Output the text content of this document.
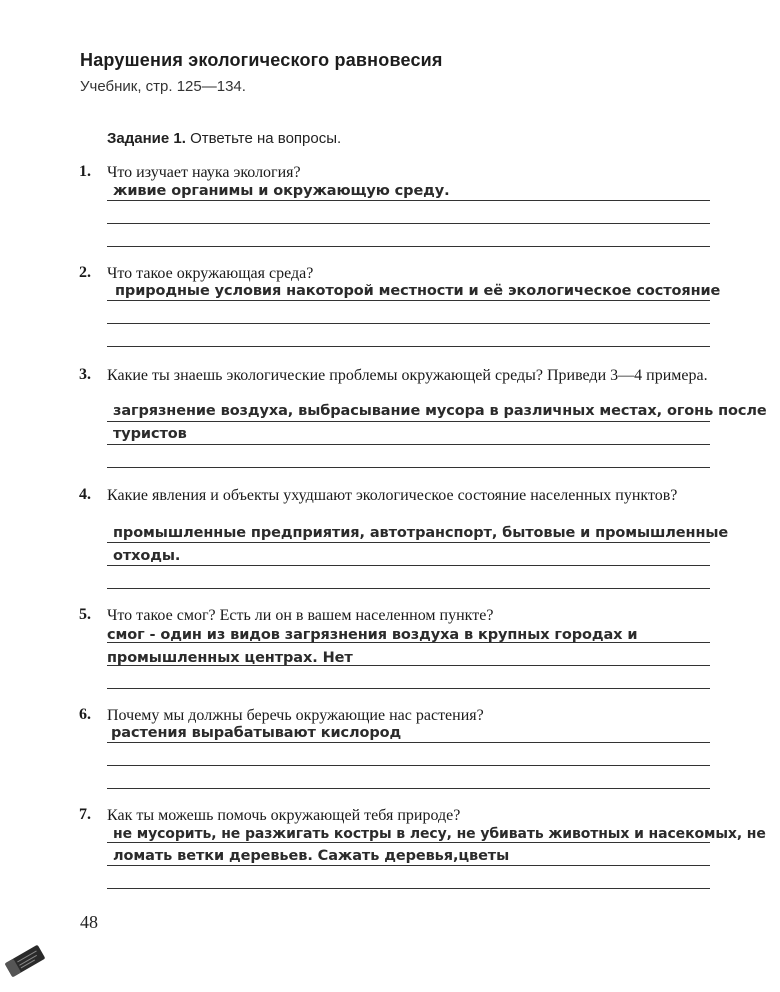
Нарушения экологического равновесия
Учебник, стр. 125—134.
Задание 1. Ответьте на вопросы.
1. Что изучает наука экология?
живие органимы и окружающую среду.
2. Что такое окружающая среда?
природные условия накоторой местности и её экологическое состояние
3. Какие ты знаешь экологические проблемы окружающей среды? Приведи 3—4 примера.
загрязнение воздуха, выбрасывание мусора в различных местах, огонь после
туристов
4. Какие явления и объекты ухудшают экологическое состояние населенных пунктов?
промышленные предприятия, автотранспорт, бытовые и промышленные
отходы.
5. Что такое смог? Есть ли он в вашем населенном пункте?
смог - один из видов загрязнения воздуха в крупных городах и
промышленных центрах. Нет
6. Почему мы должны беречь окружающие нас растения?
растения вырабатывают кислород
7. Как ты можешь помочь окружающей тебя природе?
не мусорить, не разжигать костры в лесу, не убивать животных и насекомых, не
ломать ветки деревьев. Сажать деревья,цветы
48
